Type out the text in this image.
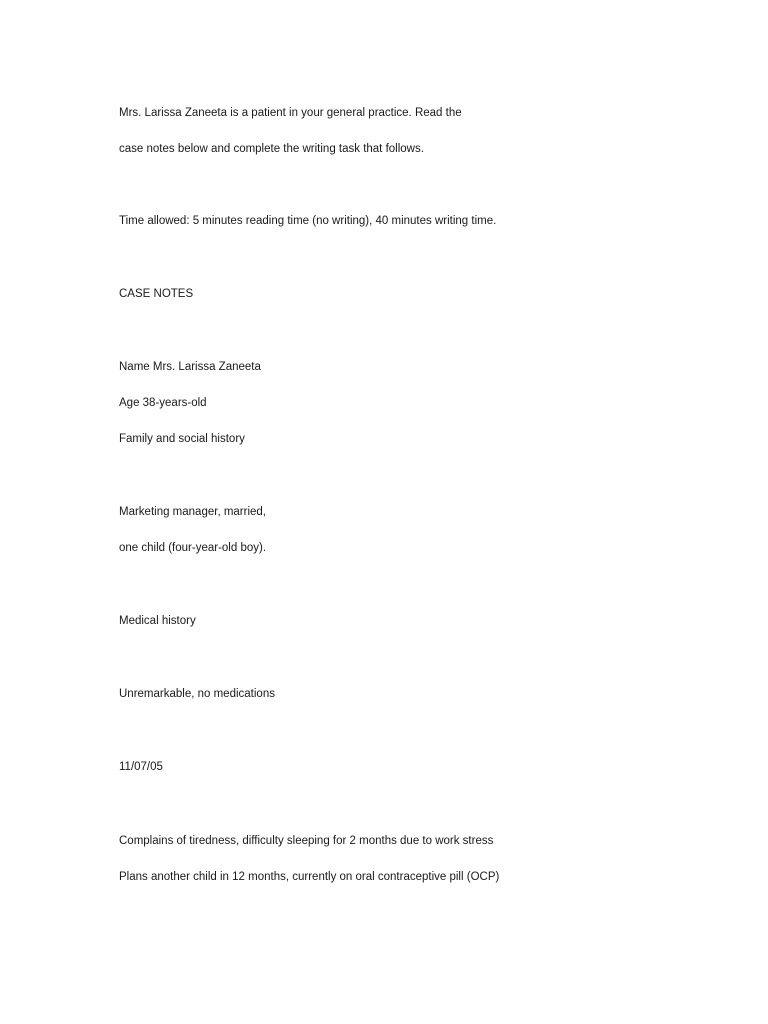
Mrs. Larissa Zaneeta is a patient in your general practice. Read the

case notes below and complete the writing task that follows.

Time allowed: 5 minutes reading time (no writing), 40 minutes writing time.

CASE NOTES

Name Mrs. Larissa Zaneeta

Age 38-years-old

Family and social history

Marketing manager, married,

one child (four-year-old boy).

Medical history

Unremarkable, no medications

11/07/05

Complains of tiredness, difficulty sleeping for 2 months due to work stress

Plans another child in 12 months, currently on oral contraceptive pill (OCP)
